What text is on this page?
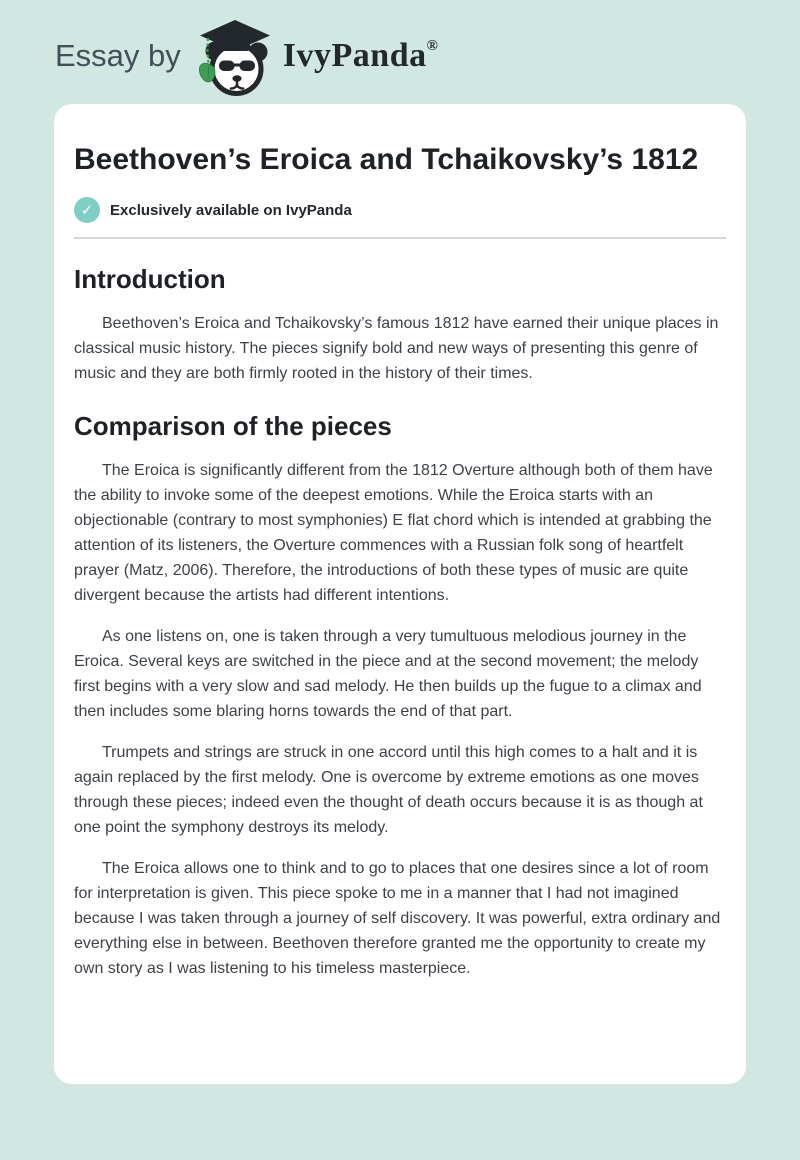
Essay by	IvyPanda®
Beethoven’s Eroica and Tchaikovsky’s 1812
✓	Exclusively available on IvyPanda
Introduction

Beethoven’s Eroica and Tchaikovsky’s famous 1812 have earned their unique places in classical music history. The pieces signify bold and new ways of presenting this genre of music and they are both firmly rooted in the history of their times.

Comparison of the pieces

The Eroica is significantly different from the 1812 Overture although both of them have the ability to invoke some of the deepest emotions. While the Eroica starts with an objectionable (contrary to most symphonies) E flat chord which is intended at grabbing the attention of its listeners, the Overture commences with a Russian folk song of heartfelt prayer (Matz, 2006). Therefore, the introductions of both these types of music are quite divergent because the artists had different intentions.

As one listens on, one is taken through a very tumultuous melodious journey in the Eroica. Several keys are switched in the piece and at the second movement; the melody first begins with a very slow and sad melody. He then builds up the fugue to a climax and then includes some blaring horns towards the end of that part.

Trumpets and strings are struck in one accord until this high comes to a halt and it is again replaced by the first melody. One is overcome by extreme emotions as one moves through these pieces; indeed even the thought of death occurs because it is as though at one point the symphony destroys its melody.

The Eroica allows one to think and to go to places that one desires since a lot of room for interpretation is given. This piece spoke to me in a manner that I had not imagined because I was taken through a journey of self discovery. It was powerful, extra ordinary and everything else in between. Beethoven therefore granted me the opportunity to create my own story as I was listening to his timeless masterpiece.
